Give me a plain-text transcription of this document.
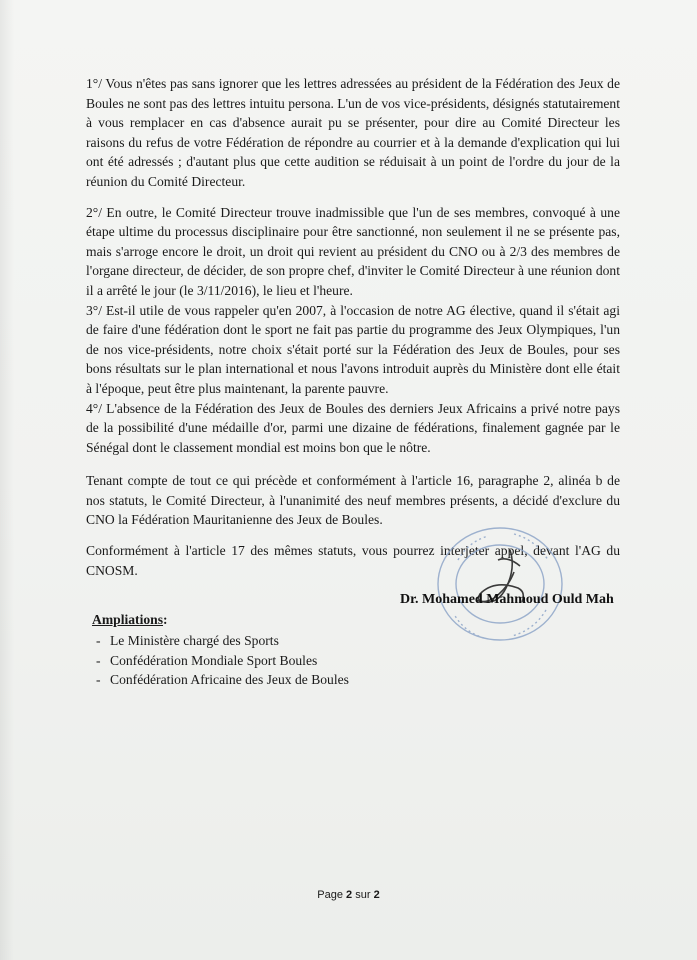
1°/ Vous n'êtes pas sans ignorer que les lettres adressées au président de la Fédération des Jeux de Boules ne sont pas des lettres intuitu persona. L'un de vos vice-présidents, désignés statutairement à vous remplacer en cas d'absence aurait pu se présenter, pour dire au Comité Directeur les raisons du refus de votre Fédération de répondre au courrier et à la demande d'explication qui lui ont été adressés ; d'autant plus que cette audition se réduisait à un point de l'ordre du jour de la réunion du Comité Directeur.

2°/ En outre, le Comité Directeur trouve inadmissible que l'un de ses membres, convoqué à une étape ultime du processus disciplinaire pour être sanctionné, non seulement il ne se présente pas, mais s'arroge encore le droit, un droit qui revient au président du CNO ou à 2/3 des membres de l'organe directeur, de décider, de son propre chef, d'inviter le Comité Directeur à une réunion dont il a arrêté le jour (le 3/11/2016), le lieu et l'heure.

3°/ Est-il utile de vous rappeler qu'en 2007, à l'occasion de notre AG élective, quand il s'était agi de faire d'une fédération dont le sport ne fait pas partie du programme des Jeux Olympiques, l'un de nos vice-présidents, notre choix s'était porté sur la Fédération des Jeux de Boules, pour ses bons résultats sur le plan international et nous l'avons introduit auprès du Ministère dont elle était à l'époque, peut être plus maintenant, la parente pauvre.

4°/ L'absence de la Fédération des Jeux de Boules des derniers Jeux Africains a privé notre pays de la possibilité d'une médaille d'or, parmi une dizaine de fédérations, finalement gagnée par le Sénégal dont le classement mondial est moins bon que le nôtre.

Tenant compte de tout ce qui précède et conformément à l'article 16, paragraphe 2, alinéa b de nos statuts, le Comité Directeur, à l'unanimité des neuf membres présents, a décidé d'exclure du CNO la Fédération Mauritanienne des Jeux de Boules.

Conformément à l'article 17 des mêmes statuts, vous pourrez interjeter appel, devant l'AG du CNOSM.

Dr. Mohamed Mahmoud Ould Mah
Ampliations:
- Le Ministère chargé des Sports
- Confédération Mondiale Sport Boules
- Confédération Africaine des Jeux de Boules
Page 2 sur 2
